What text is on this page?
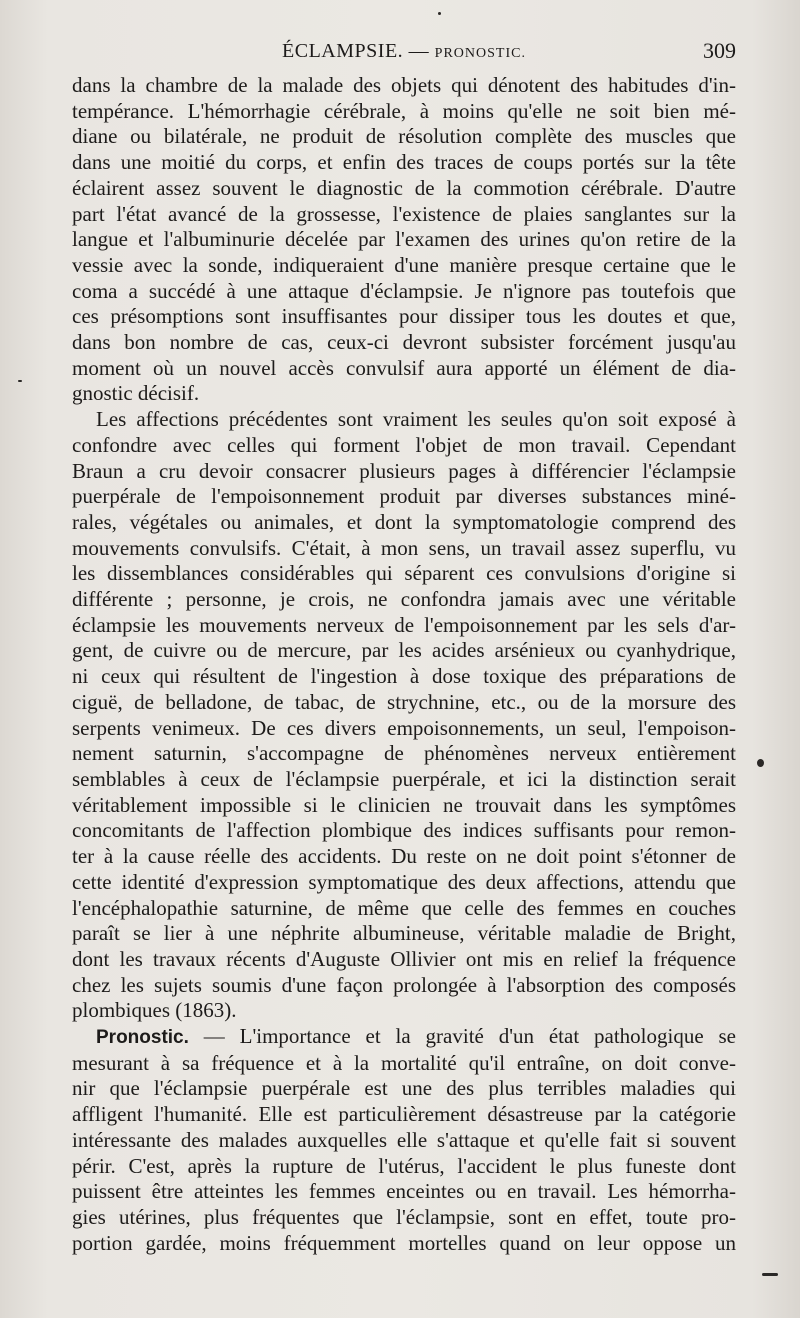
ÉCLAMPSIE. — PRONOSTIC.	309
dans la chambre de la malade des objets qui dénotent des habitudes d'in-
tempérance. L'hémorrhagie cérébrale, à moins qu'elle ne soit bien mé-
diane ou bilatérale, ne produit de résolution complète des muscles que
dans une moitié du corps, et enfin des traces de coups portés sur la tête
éclairent assez souvent le diagnostic de la commotion cérébrale. D'autre
part l'état avancé de la grossesse, l'existence de plaies sanglantes sur la
langue et l'albuminurie décelée par l'examen des urines qu'on retire de la
vessie avec la sonde, indiqueraient d'une manière presque certaine que le
coma a succédé à une attaque d'éclampsie. Je n'ignore pas toutefois que
ces présomptions sont insuffisantes pour dissiper tous les doutes et que,
dans bon nombre de cas, ceux-ci devront subsister forcément jusqu'au
moment où un nouvel accès convulsif aura apporté un élément de dia-
gnostic décisif.
Les affections précédentes sont vraiment les seules qu'on soit exposé à
confondre avec celles qui forment l'objet de mon travail. Cependant
Braun a cru devoir consacrer plusieurs pages à différencier l'éclampsie
puerpérale de l'empoisonnement produit par diverses substances miné-
rales, végétales ou animales, et dont la symptomatologie comprend des
mouvements convulsifs. C'était, à mon sens, un travail assez superflu, vu
les dissemblances considérables qui séparent ces convulsions d'origine si
différente ; personne, je crois, ne confondra jamais avec une véritable
éclampsie les mouvements nerveux de l'empoisonnement par les sels d'ar-
gent, de cuivre ou de mercure, par les acides arsénieux ou cyanhydrique,
ni ceux qui résultent de l'ingestion à dose toxique des préparations de
ciguë, de belladone, de tabac, de strychnine, etc., ou de la morsure des
serpents venimeux. De ces divers empoisonnements, un seul, l'empoison-
nement saturnin, s'accompagne de phénomènes nerveux entièrement
semblables à ceux de l'éclampsie puerpérale, et ici la distinction serait
véritablement impossible si le clinicien ne trouvait dans les symptômes
concomitants de l'affection plombique des indices suffisants pour remon-
ter à la cause réelle des accidents. Du reste on ne doit point s'étonner de
cette identité d'expression symptomatique des deux affections, attendu que
l'encéphalopathie saturnine, de même que celle des femmes en couches
paraît se lier à une néphrite albumineuse, véritable maladie de Bright,
dont les travaux récents d'Auguste Ollivier ont mis en relief la fréquence
chez les sujets soumis d'une façon prolongée à l'absorption des composés
plombiques (1863).
Pronostic. — L'importance et la gravité d'un état pathologique se
mesurant à sa fréquence et à la mortalité qu'il entraîne, on doit conve-
nir que l'éclampsie puerpérale est une des plus terribles maladies qui
affligent l'humanité. Elle est particulièrement désastreuse par la catégorie
intéressante des malades auxquelles elle s'attaque et qu'elle fait si souvent
périr. C'est, après la rupture de l'utérus, l'accident le plus funeste dont
puissent être atteintes les femmes enceintes ou en travail. Les hémorrha-
gies utérines, plus fréquentes que l'éclampsie, sont en effet, toute pro-
portion gardée, moins fréquemment mortelles quand on leur oppose un
